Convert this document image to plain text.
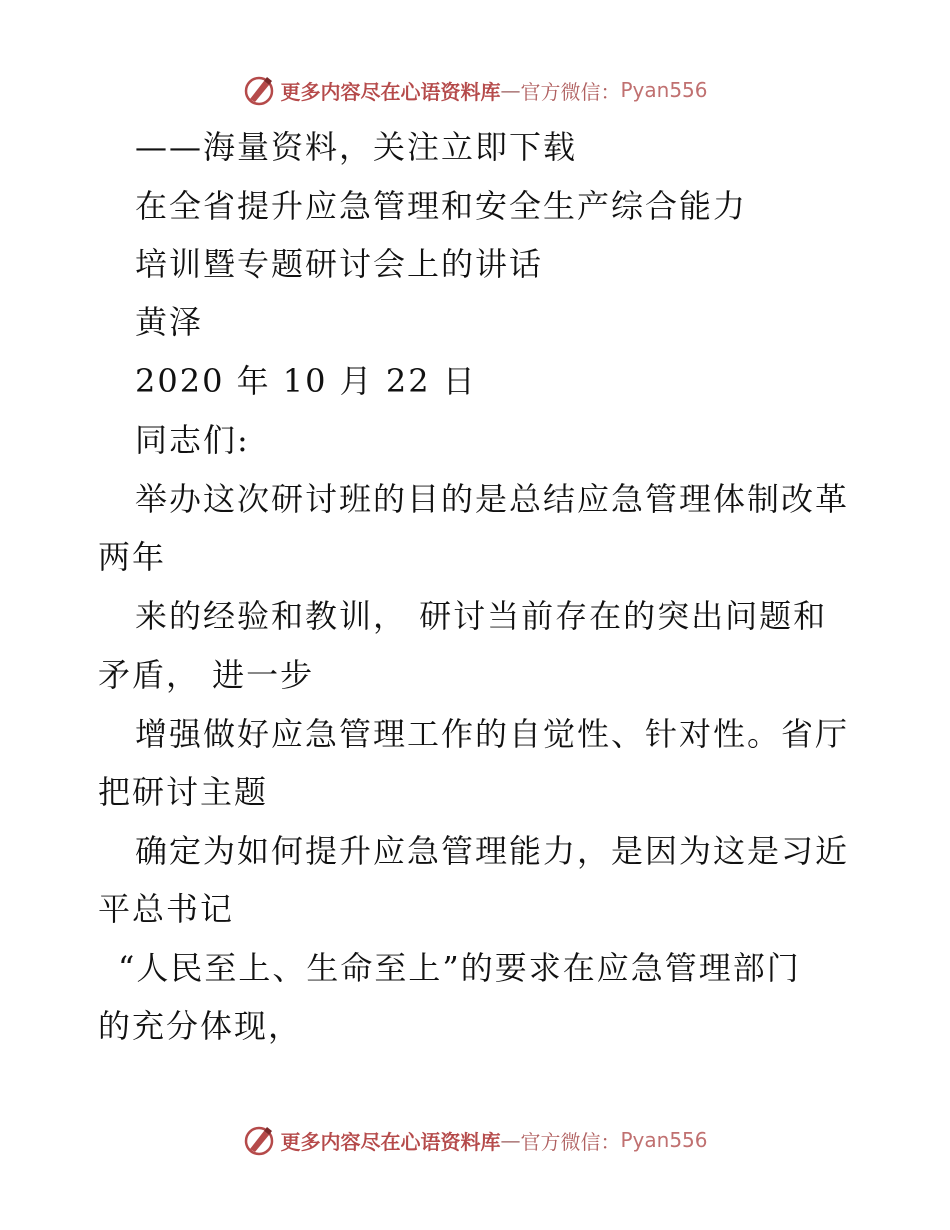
更多内容尽在心语资料库 — 官方微信： Pyan556
——海量资料，关注立即下载
在全省提升应急管理和安全生产综合能力
培训暨专题研讨会上的讲话
黄泽
2020 年 10 月 22 日
同志们:
举办这次研讨班的目的是总结应急管理体制改革
两年
来的经验和教训， 研讨当前存在的突出问题和
矛盾， 进一步
增强做好应急管理工作的自觉性、针对性。省厅
把研讨主题
确定为如何提升应急管理能力，是因为这是习近
平总书记
“人民至上、生命至上”的要求在应急管理部门
的充分体现，
更多内容尽在心语资料库 — 官方微信： Pyan556
